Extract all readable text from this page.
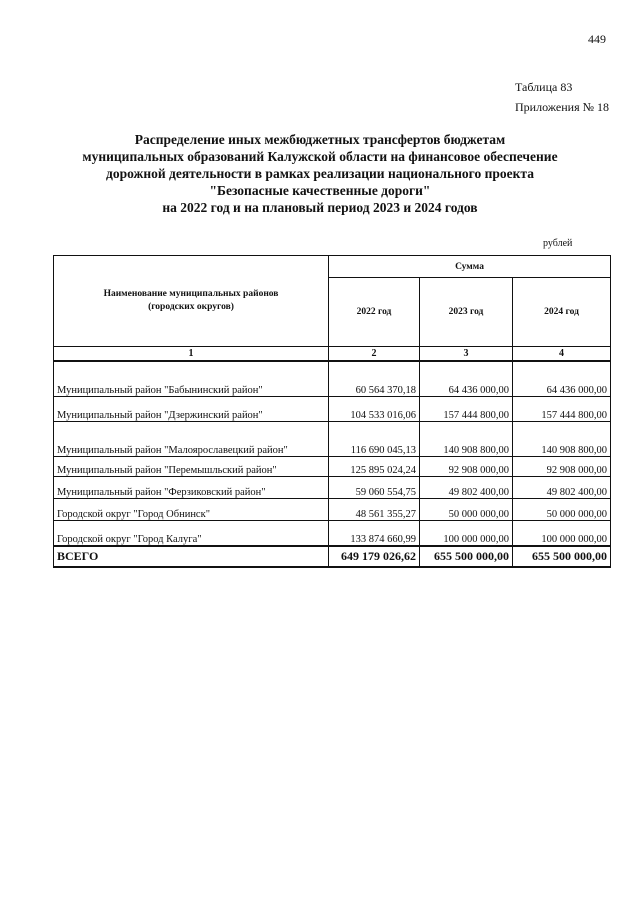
449
Таблица 83
Приложения № 18
Распределение иных межбюджетных трансфертов бюджетам
муниципальных образований Калужской области на финансовое обеспечение
дорожной деятельности в рамках реализации национального проекта
"Безопасные качественные дороги"
на 2022 год и на плановый период 2023 и 2024 годов
рублей
Наименование муниципальных районов
(городских округов)	Сумма		
	2022 год	2023 год	2024 год
1	2	3	4
Муниципальный район "Бабынинский район"	60 564 370,18	64 436 000,00	64 436 000,00
Муниципальный район "Дзержинский район"	104 533 016,06	157 444 800,00	157 444 800,00
Муниципальный район "Малоярославецкий район"	116 690 045,13	140 908 800,00	140 908 800,00
Муниципальный район "Перемышльский район"	125 895 024,24	92 908 000,00	92 908 000,00
Муниципальный район "Ферзиковский район"	59 060 554,75	49 802 400,00	49 802 400,00
Городской округ "Город Обнинск"	48 561 355,27	50 000 000,00	50 000 000,00
Городской округ "Город Калуга"	133 874 660,99	100 000 000,00	100 000 000,00
ВСЕГО	649 179 026,62	655 500 000,00	655 500 000,00
